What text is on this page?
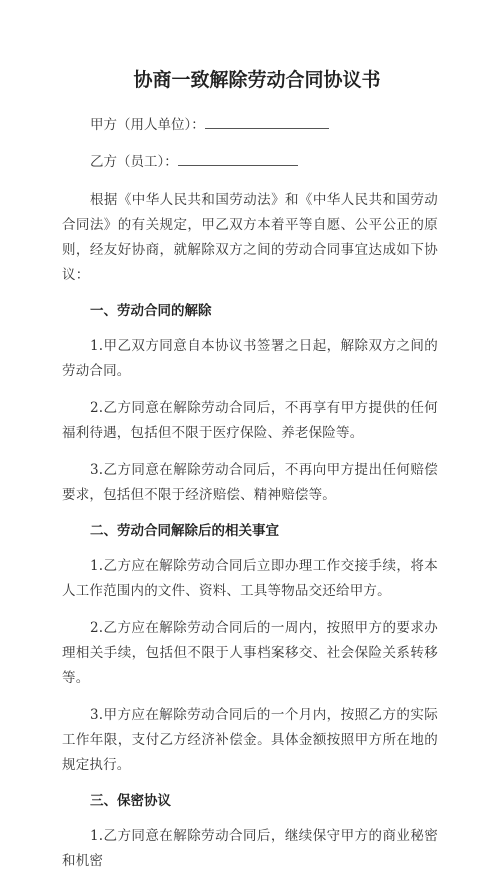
协商一致解除劳动合同协议书
甲方（用人单位）：
乙方（员工）：

根据《中华人民共和国劳动法》和《中华人民共和国劳动合同法》的有关规定，甲乙双方本着平等自愿、公平公正的原则，经友好协商，就解除双方之间的劳动合同事宜达成如下协议：

一、劳动合同的解除

1.甲乙双方同意自本协议书签署之日起，解除双方之间的劳动合同。

2.乙方同意在解除劳动合同后，不再享有甲方提供的任何福利待遇，包括但不限于医疗保险、养老保险等。

3.乙方同意在解除劳动合同后，不再向甲方提出任何赔偿要求，包括但不限于经济赔偿、精神赔偿等。

二、劳动合同解除后的相关事宜

1.乙方应在解除劳动合同后立即办理工作交接手续，将本人工作范围内的文件、资料、工具等物品交还给甲方。

2.乙方应在解除劳动合同后的一周内，按照甲方的要求办理相关手续，包括但不限于人事档案移交、社会保险关系转移等。

3.甲方应在解除劳动合同后的一个月内，按照乙方的实际工作年限，支付乙方经济补偿金。具体金额按照甲方所在地的规定执行。

三、保密协议

1.乙方同意在解除劳动合同后，继续保守甲方的商业秘密和机密
